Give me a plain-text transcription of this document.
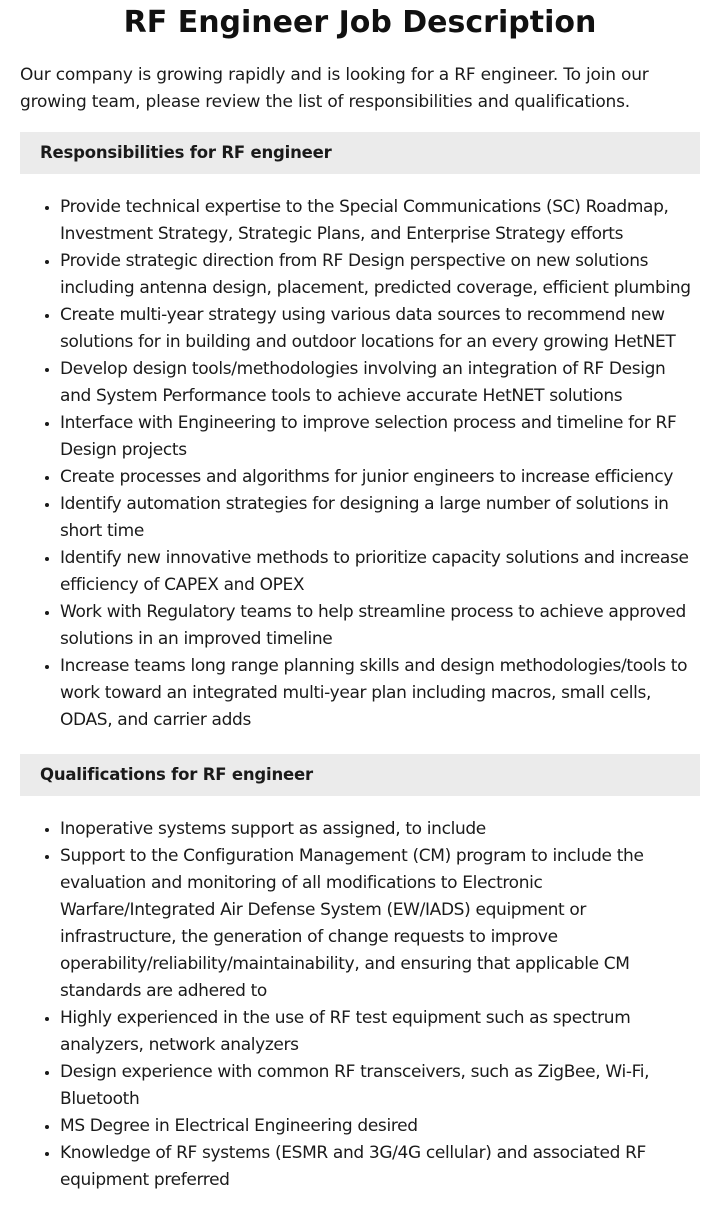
RF Engineer Job Description

Our company is growing rapidly and is looking for a RF engineer. To join our growing team, please review the list of responsibilities and qualifications.

Responsibilities for RF engineer
• Provide technical expertise to the Special Communications (SC) Roadmap, Investment Strategy, Strategic Plans, and Enterprise Strategy efforts
• Provide strategic direction from RF Design perspective on new solutions including antenna design, placement, predicted coverage, efficient plumbing
• Create multi-year strategy using various data sources to recommend new solutions for in building and outdoor locations for an every growing HetNET
• Develop design tools/methodologies involving an integration of RF Design and System Performance tools to achieve accurate HetNET solutions
• Interface with Engineering to improve selection process and timeline for RF Design projects
• Create processes and algorithms for junior engineers to increase efficiency
• Identify automation strategies for designing a large number of solutions in short time
• Identify new innovative methods to prioritize capacity solutions and increase efficiency of CAPEX and OPEX
• Work with Regulatory teams to help streamline process to achieve approved solutions in an improved timeline
• Increase teams long range planning skills and design methodologies/tools to work toward an integrated multi-year plan including macros, small cells, ODAS, and carrier adds
Qualifications for RF engineer
• Inoperative systems support as assigned, to include
• Support to the Configuration Management (CM) program to include the evaluation and monitoring of all modifications to Electronic Warfare/Integrated Air Defense System (EW/IADS) equipment or infrastructure, the generation of change requests to improve operability/reliability/maintainability, and ensuring that applicable CM standards are adhered to
• Highly experienced in the use of RF test equipment such as spectrum analyzers, network analyzers
• Design experience with common RF transceivers, such as ZigBee, Wi-Fi, Bluetooth
• MS Degree in Electrical Engineering desired
• Knowledge of RF systems (ESMR and 3G/4G cellular) and associated RF equipment preferred
